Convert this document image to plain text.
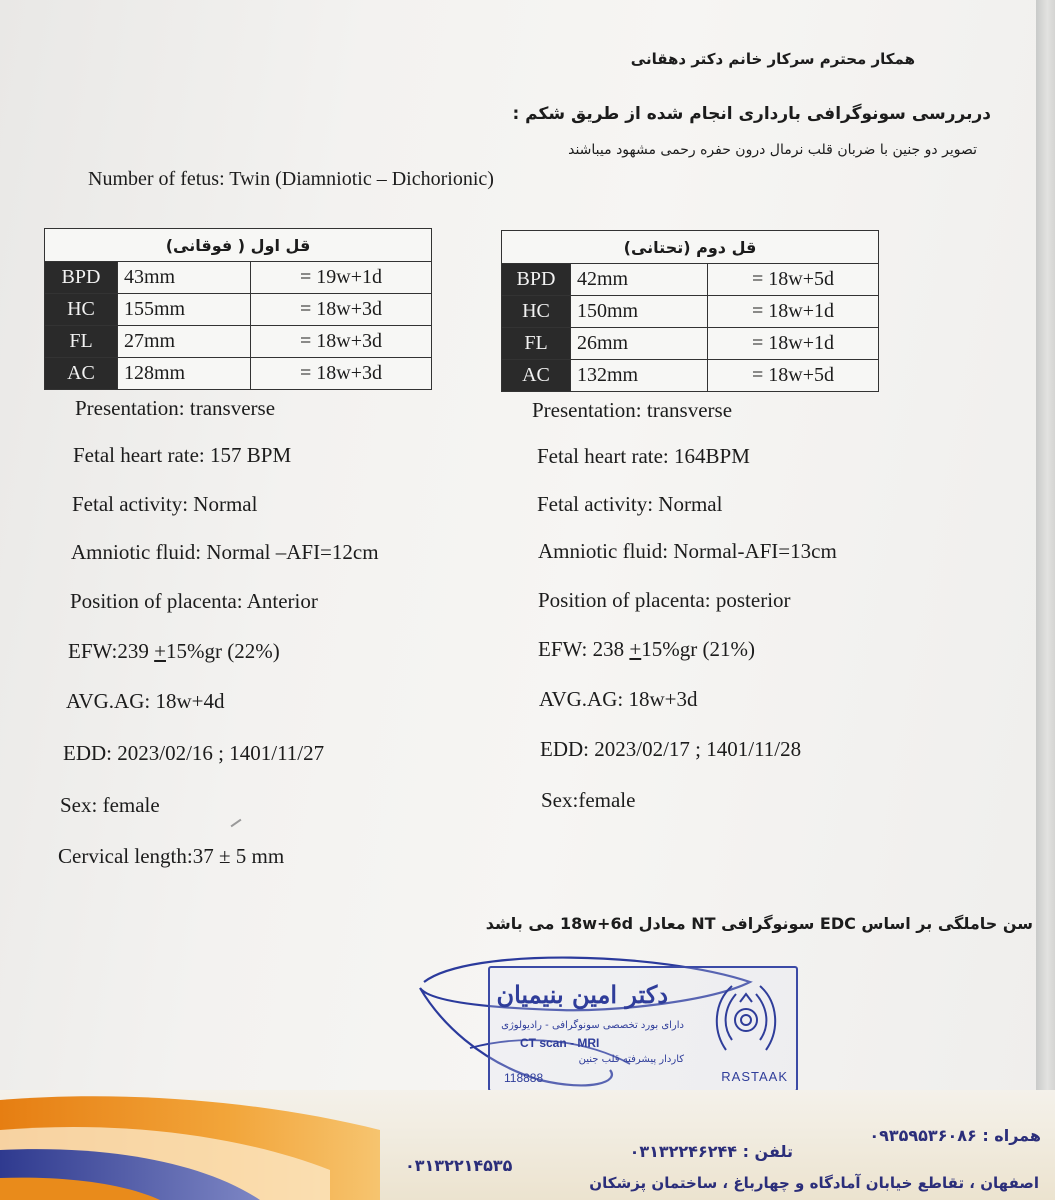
همکار محترم سرکار خانم دکتر دهقانی
دربررسی سونوگرافی بارداری انجام شده از طریق شکم :
تصویر دو جنین با ضربان قلب نرمال درون حفره رحمی مشهود میباشند
Number of fetus: Twin (Diamniotic – Dichorionic)
قل اول ( فوقانی)		
BPD	43mm	= 19w+1d
HC	155mm	= 18w+3d
FL	27mm	= 18w+3d
AC	128mm	= 18w+3d
قل دوم (تحتانی)		
BPD	42mm	= 18w+5d
HC	150mm	= 18w+1d
FL	26mm	= 18w+1d
AC	132mm	= 18w+5d
Presentation: transverse
Fetal heart rate: 157 BPM
Fetal activity: Normal
Amniotic fluid: Normal –AFI=12cm
Position of placenta: Anterior
EFW:239 +15%gr (22%)
AVG.AG: 18w+4d
EDD: 2023/02/16 ; 1401/11/27
Sex: female
Cervical length:37 ± 5 mm
Presentation: transverse
Fetal heart rate: 164BPM
Fetal activity: Normal
Amniotic fluid: Normal-AFI=13cm
Position of placenta: posterior
EFW: 238 +15%gr (21%)
AVG.AG: 18w+3d
EDD: 2023/02/17 ; 1401/11/28
Sex:female
سن حاملگی بر اساس EDC سونوگرافی NT معادل 18w+6d می باشد
دکتر امین بنیمیان
دارای بورد تخصصی سونوگرافی - رادیولوژی
CT scan - MRI
کاردار پیشرفته قلب جنین
118888	RASTAAK
همراه : ۰۹۳۵۹۵۳۶۰۸۶
تلفن : ۰۳۱۳۲۲۴۶۲۴۴
۰۳۱۳۲۲۱۴۵۳۵
اصفهان ، تقاطع خیابان آمادگاه و چهارباغ ، ساختمان پزشکان
